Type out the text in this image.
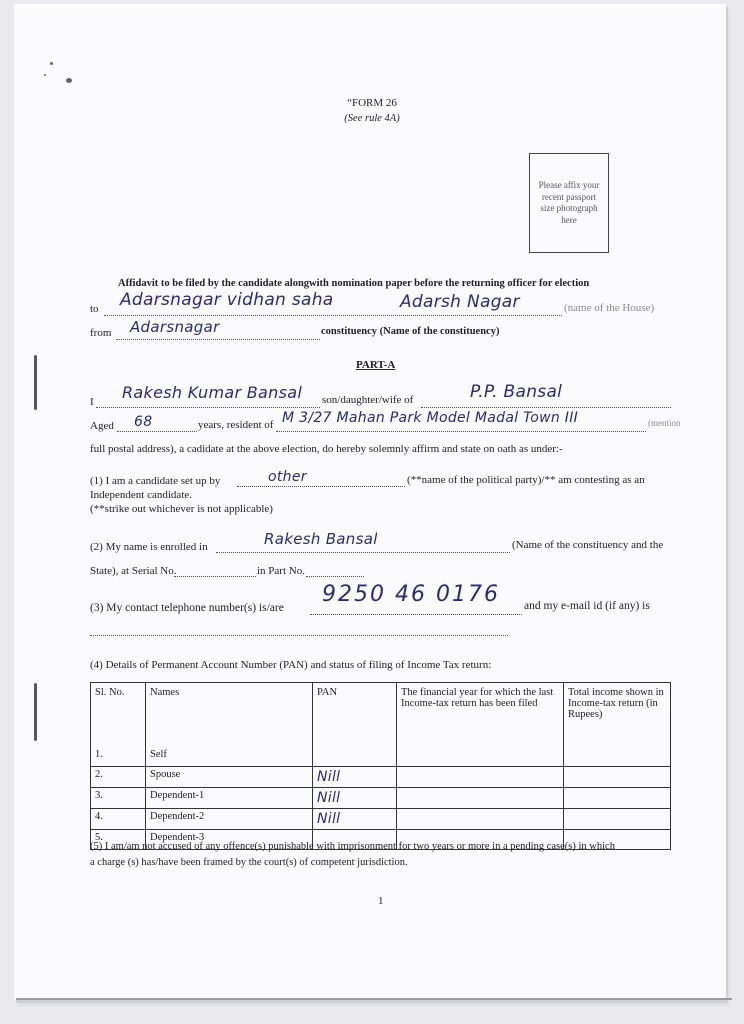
“FORM 26
(See rule 4A)
Please affix your recent passport size photograph here
Affidavit to be filed by the candidate alongwith nomination paper before the returning officer for election
to Adarsnagar vidhan saha	Adarsh Nagar	(name of the House)
from Adarsnagar	constituency (Name of the constituency)
PART-A
I Rakesh Kumar Bansal son/daughter/wife of	P.P. Bansal
Aged 68	years, resident of M 3/27 Mahan Park Model Madal Town III	(mention
full postal address), a cadidate at the above election, do hereby solemnly affirm and state on oath as under:-
(1) I am a candidate set up by	other	(**name of the political party)/** am contesting as an
Independent candidate.
(**strike out whichever is not applicable)
(2) My name is enrolled in	Rakesh Bansal	(Name of the constituency and the
State), at Serial No.	in Part No.
(3) My contact telephone number(s) is/are
9250 46 0176 and my e-mail id (if any) is
(4) Details of Permanent Account Number (PAN) and status of filing of Income Tax return:
Sl. No.	Names	PAN	The financial year for which the last Income-tax return has been filed	Total income shown in Income-tax return (in Rupees)
1.	Self			
2.	Spouse	Nill		
3.	Dependent-1	Nill		
4.	Dependent-2	Nill		
5.	Dependent-3			
(5) I am/am not accused of any offence(s) punishable with imprisonment for two years or more in a pending case(s) in which
a charge (s) has/have been framed by the court(s) of competent jurisdiction.
1
